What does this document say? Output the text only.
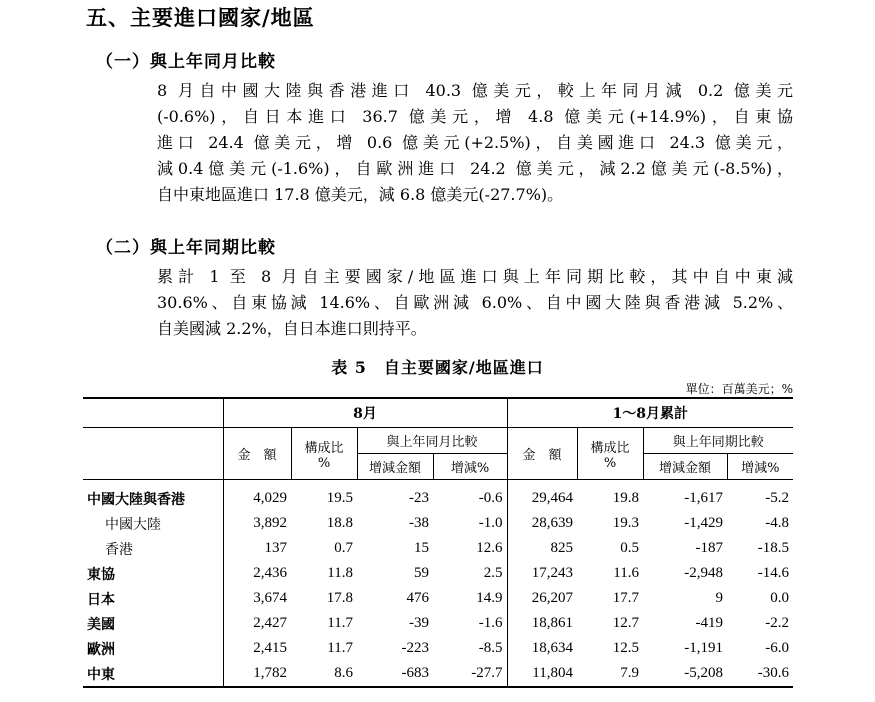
五、主要進口國家/地區
（一）與上年同月比較
8 月自中國大陸與香港進口 40.3 億美元，較上年同月減 0.2 億美元
(-0.6%)，自日本進口 36.7 億美元，增 4.8 億美元(+14.9%)，自東協
進口 24.4 億美元，增 0.6 億美元(+2.5%)，自美國進口 24.3 億美元，
減0.4億美元(-1.6%)，自歐洲進口 24.2 億美元，減2.2億美元(-8.5%)，
自中東地區進口 17.8 億美元，減 6.8 億美元(-27.7%)。
（二）與上年同期比較
累計 1 至 8 月自主要國家/地區進口與上年同期比較，其中自中東減
30.6%、自東協減 14.6%、自歐洲減 6.0%、自中國大陸與香港減 5.2%、
自美國減 2.2%，自日本進口則持平。
表 5　自主要國家/地區進口
單位：百萬美元；%
	8月				1～8月累計			
	金　額	構成比
%	與上年同月比較		金　額	構成比
%	與上年同期比較	
			增減金額	增減%			增減金額	增減%
中國大陸與香港	4,029	19.5	-23	-0.6	29,464	19.8	-1,617	-5.2
中國大陸	3,892	18.8	-38	-1.0	28,639	19.3	-1,429	-4.8
香港	137	0.7	15	12.6	825	0.5	-187	-18.5
東協	2,436	11.8	59	2.5	17,243	11.6	-2,948	-14.6
日本	3,674	17.8	476	14.9	26,207	17.7	9	0.0
美國	2,427	11.7	-39	-1.6	18,861	12.7	-419	-2.2
歐洲	2,415	11.7	-223	-8.5	18,634	12.5	-1,191	-6.0
中東	1,782	8.6	-683	-27.7	11,804	7.9	-5,208	-30.6
